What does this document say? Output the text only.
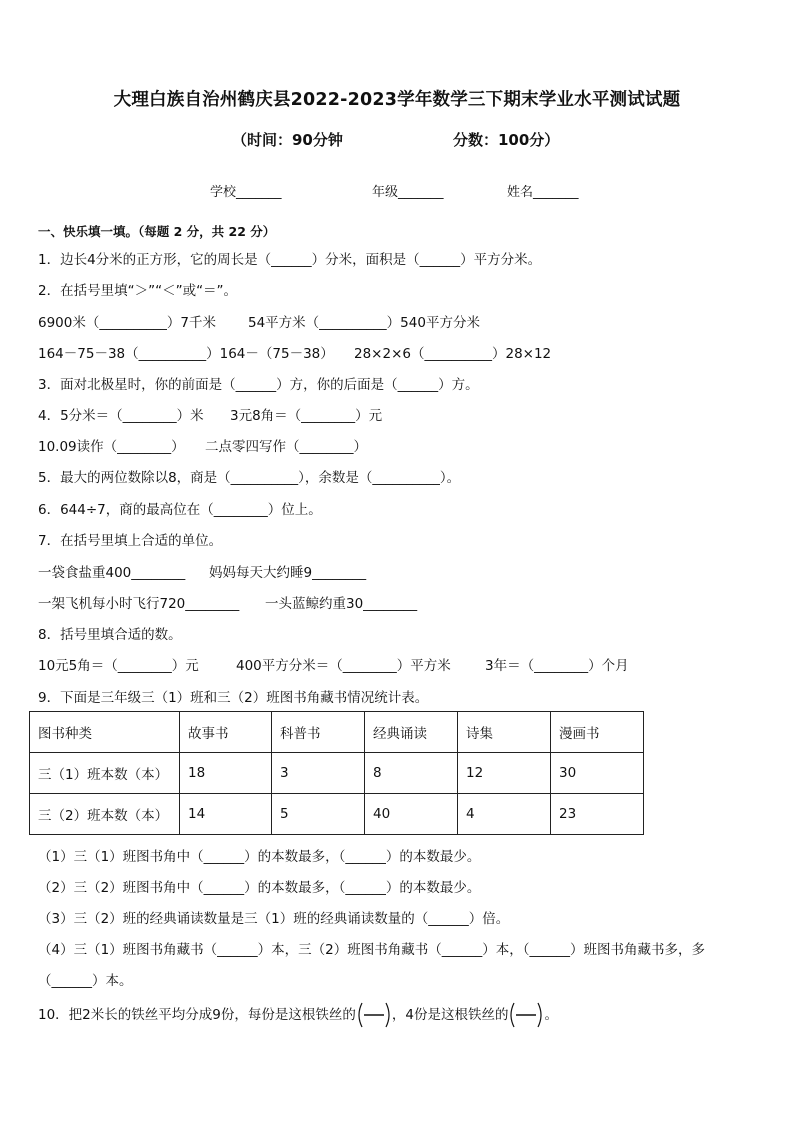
大理白族自治州鹤庆县2022-2023学年数学三下期末学业水平测试试题
（时间：90分钟	分数：100分）
学校_______	年级_______	姓名_______
一、快乐填一填。（每题 2 分，共 22 分）
1．边长4分米的正方形，它的周长是（______）分米，面积是（______）平方分米。
2．在括号里填“＞”“＜”或“＝”。
6900米（__________）7千米 54平方米（__________）540平方分米
164－75－38（__________）164－（75－38） 28×2×6（__________）28×12
3．面对北极星时，你的前面是（______）方，你的后面是（______）方。
4．5分米＝（________）米 3元8角＝（________）元
10.09读作（________） 二点零四写作（________）
5．最大的两位数除以8，商是（__________），余数是（__________）。
6．644÷7，商的最高位在（________）位上。
7．在括号里填上合适的单位。
一袋食盐重400________ 妈妈每天大约睡9________
一架飞机每小时飞行720________ 一头蓝鲸约重30________
8．括号里填合适的数。
10元5角＝（________）元	400平方分米＝（________）平方米	3年＝（________）个月
9．下面是三年级三（1）班和三（2）班图书角藏书情况统计表。
图书种类	故事书	科普书	经典诵读	诗集	漫画书
三（1）班本数（本）	18	3	8	12	30
三（2）班本数（本）	14	5	40	4	23
（1）三（1）班图书角中（______）的本数最多，（______）的本数最少。
（2）三（2）班图书角中（______）的本数最多，（______）的本数最少。
（3）三（2）班的经典诵读数量是三（1）班的经典诵读数量的（______）倍。
（4）三（1）班图书角藏书（______）本，三（2）班图书角藏书（______）本，（______）班图书角藏书多，多
（______）本。
10．把2米长的铁丝平均分成9份，每份是这根铁丝的	，4份是这根铁丝的	。
